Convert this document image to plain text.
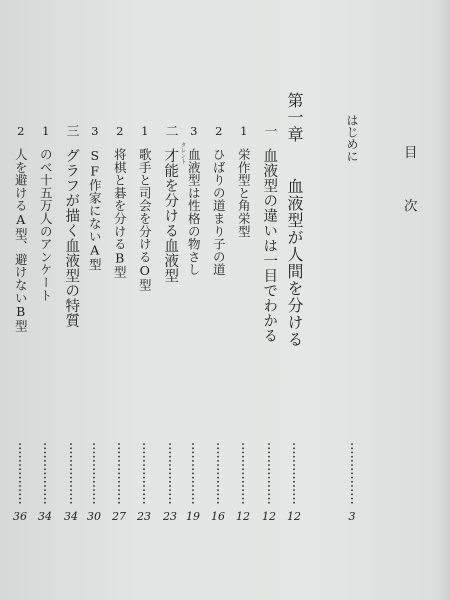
目 次
はじめに
3
第一章
血液型が人間を分ける
12
一
血液型の違いは一目でわかる
12
1
栄作型と角栄型
12
2
ひばりの道まり子の道
16
3
血液型は性格の物さし
19
二
才能を分ける血液型 タレント
23
1
歌手と司会を分けるO型
23
2
将棋と碁を分けるB型
27
3
SF作家にないA型
30
三
グラフが描く血液型の特質
34
1
のべ十五万人のアンケート
34
2
人を避けるA型、避けないB型
36
